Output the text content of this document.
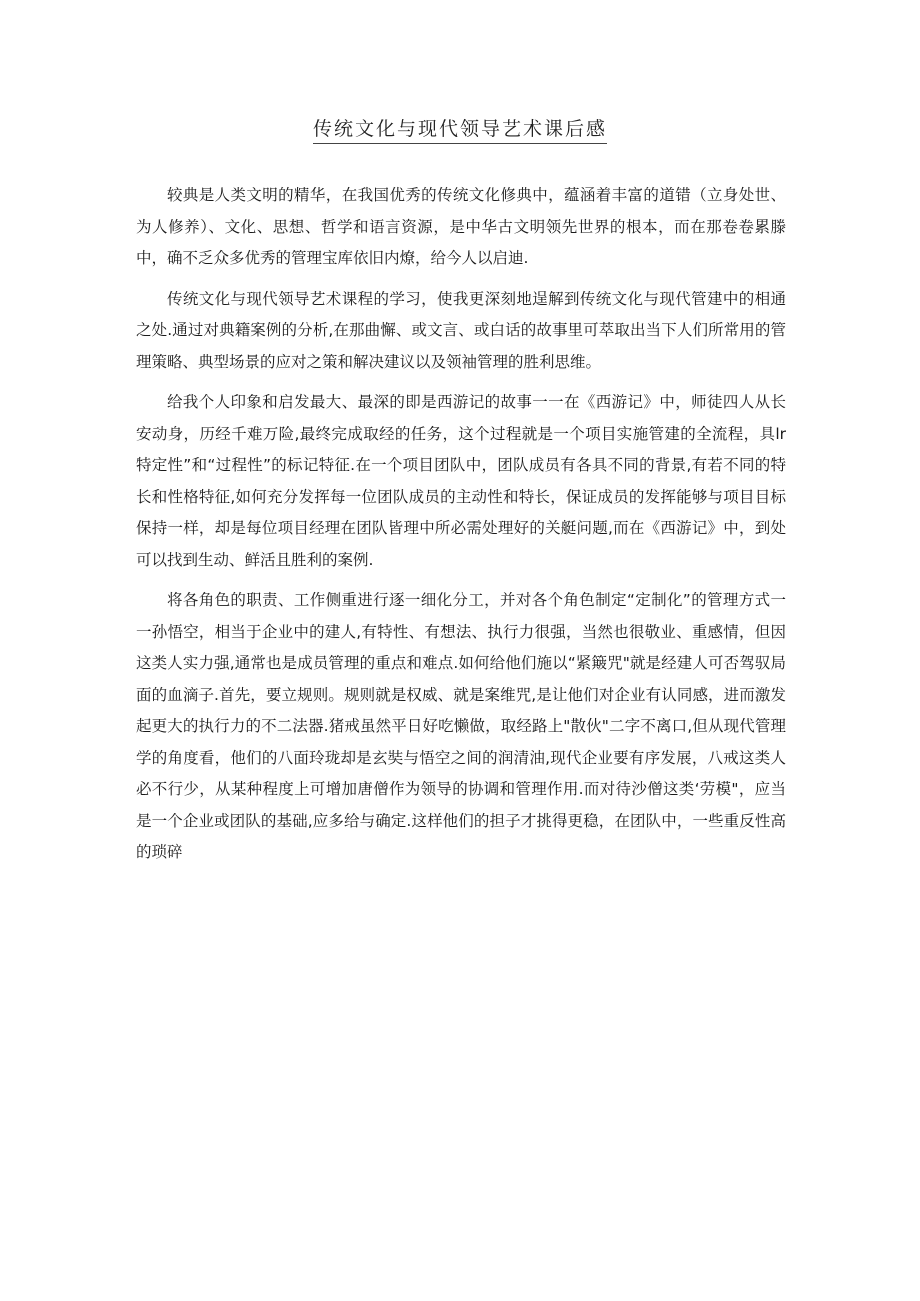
传统文化与现代领导艺术课后感

较典是人类文明的精华，在我国优秀的传统文化修典中，蕴涵着丰富的道错（立身处世、为人修养）、文化、思想、哲学和语言资源，是中华古文明领先世界的根本，而在那卷卷累滕中，确不乏众多优秀的管理宝库依旧内燎，给今人以启迪.

传统文化与现代领导艺术课程的学习，使我更深刻地逞解到传统文化与现代管建中的相通之处.通过对典籍案例的分析,在那曲懈、或文言、或白话的故事里可萃取出当下人们所常用的管理策略、典型场景的应对之策和解决建议以及领袖管理的胜利思维。

给我个人印象和启发最大、最深的即是西游记的故事一一在《西游记》中，师徒四人从长安动身，历经千难万险,最终完成取经的任务，这个过程就是一个项目实施管建的全流程，具lr特定性”和“过程性”的标记特征.在一个项目团队中，团队成员有各具不同的背景,有若不同的特长和性格特征,如何充分发挥每一位团队成员的主动性和特长，保证成员的发挥能够与项目目标保持一样，却是每位项目经理在团队皆理中所必需处理好的关艇问题,而在《西游记》中，到处可以找到生动、鲜活且胜利的案例.

将各角色的职责、工作侧重进行逐一细化分工，并对各个角色制定“定制化”的管理方式一一孙悟空，相当于企业中的建人,有特性、有想法、执行力很强，当然也很敬业、重感情，但因这类人实力强,通常也是成员管理的重点和难点.如何给他们施以“紧簸咒"就是经建人可否驾驭局面的血滴子.首先，要立规则。规则就是权威、就是案维咒,是让他们对企业有认同感，进而激发起更大的执行力的不二法器.猪戒虽然平日好吃懒做，取经路上"散伙"二字不离口,但从现代管理学的角度看，他们的八面玲珑却是玄奘与悟空之间的润清油,现代企业要有序发展，八戒这类人必不行少，从某种程度上可增加唐僧作为领导的协调和管理作用.而对待沙僧这类‘劳模"，应当是一个企业或团队的基础,应多给与确定.这样他们的担子才挑得更稳，在团队中，一些重反性高的琐碎
